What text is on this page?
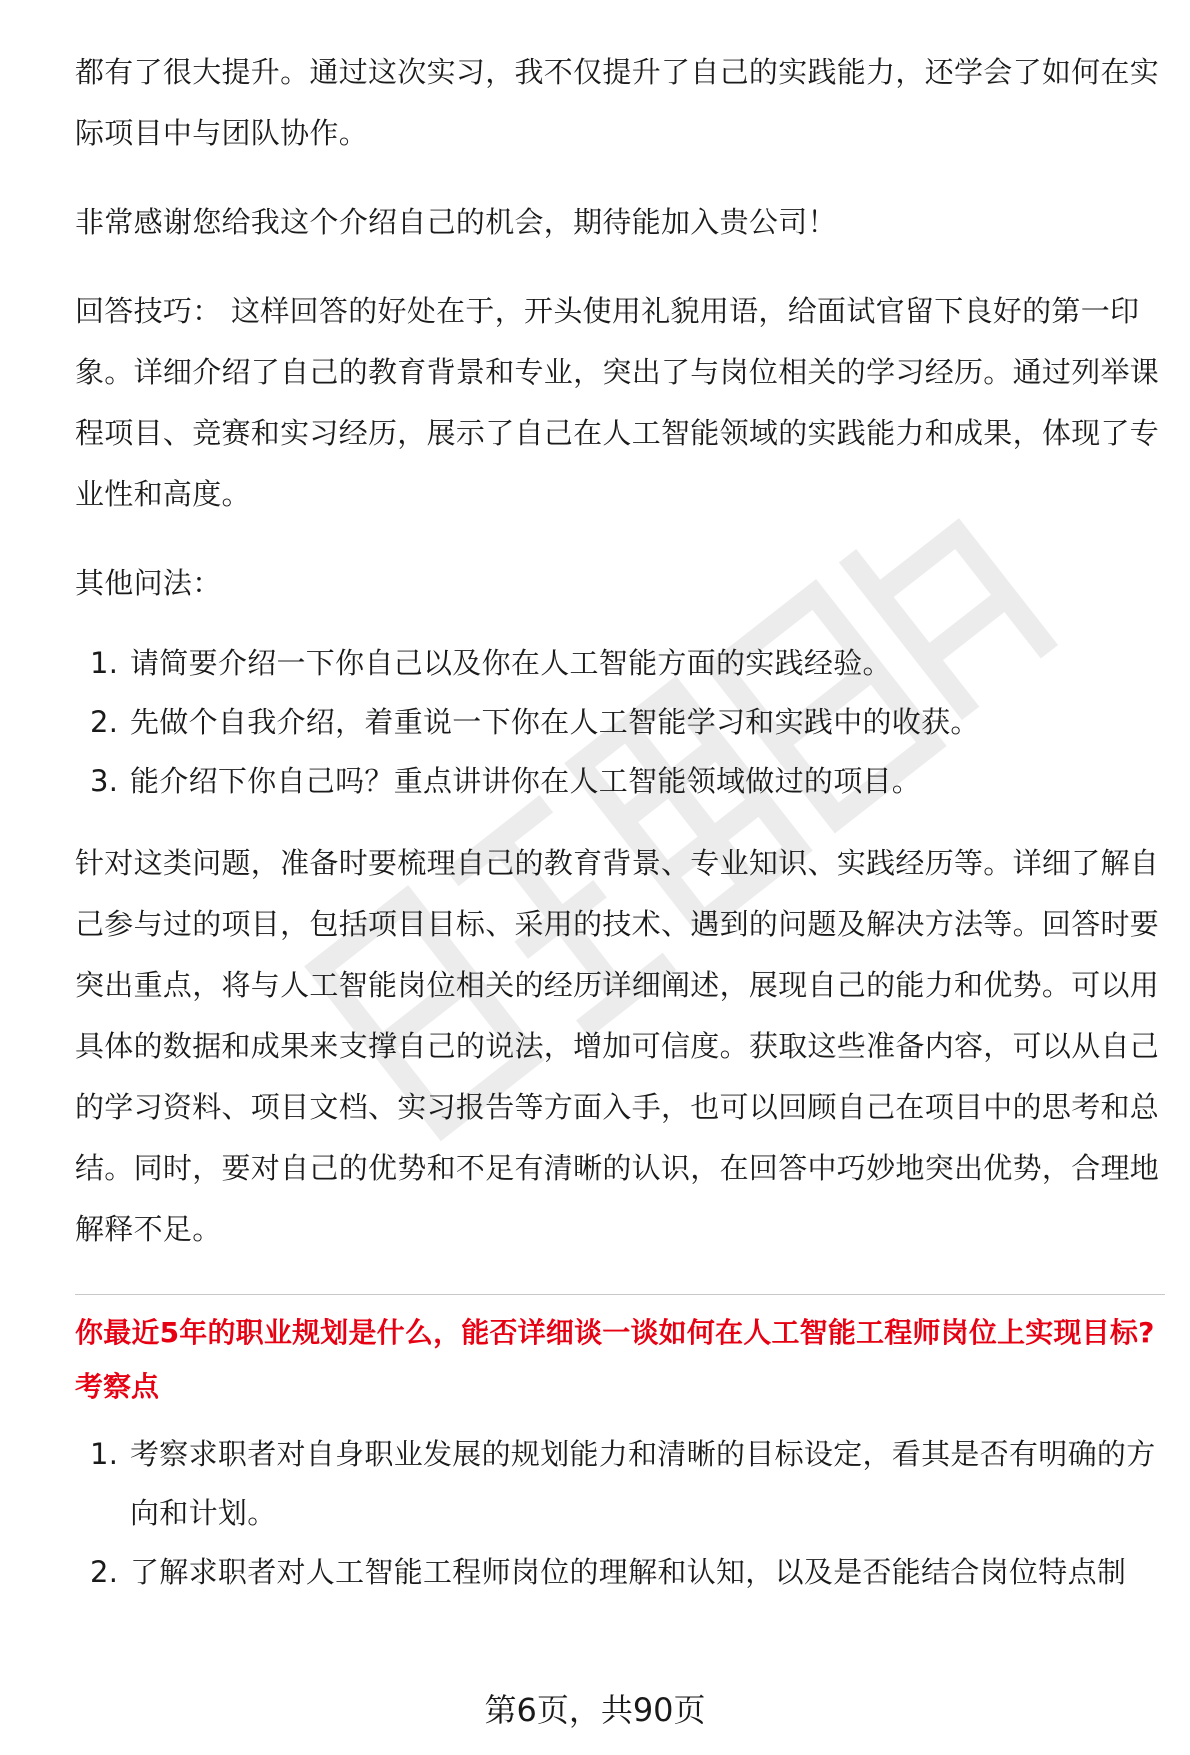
都有了很大提升。通过这次实习，我不仅提升了自己的实践能力，还学会了如何在实际项目中与团队协作。

非常感谢您给我这个介绍自己的机会，期待能加入贵公司！

回答技巧： 这样回答的好处在于，开头使用礼貌用语，给面试官留下良好的第一印象。详细介绍了自己的教育背景和专业，突出了与岗位相关的学习经历。通过列举课程项目、竞赛和实习经历，展示了自己在人工智能领域的实践能力和成果，体现了专业性和高度。

其他问法：

1. 请简要介绍一下你自己以及你在人工智能方面的实践经验。
2. 先做个自我介绍，着重说一下你在人工智能学习和实践中的收获。
3. 能介绍下你自己吗？重点讲讲你在人工智能领域做过的项目。

针对这类问题，准备时要梳理自己的教育背景、专业知识、实践经历等。详细了解自己参与过的项目，包括项目目标、采用的技术、遇到的问题及解决方法等。回答时要突出重点，将与人工智能岗位相关的经历详细阐述，展现自己的能力和优势。可以用具体的数据和成果来支撑自己的说法，增加可信度。获取这些准备内容，可以从自己的学习资料、项目文档、实习报告等方面入手，也可以回顾自己在项目中的思考和总结。同时，要对自己的优势和不足有清晰的认识，在回答中巧妙地突出优势，合理地解释不足。

你最近5年的职业规划是什么，能否详细谈一谈如何在人工智能工程师岗位上实现目标?
考察点
1. 考察求职者对自身职业发展的规划能力和清晰的目标设定，看其是否有明确的方向和计划。
2. 了解求职者对人工智能工程师岗位的理解和认知，以及是否能结合岗位特点制
第6页，共90页
